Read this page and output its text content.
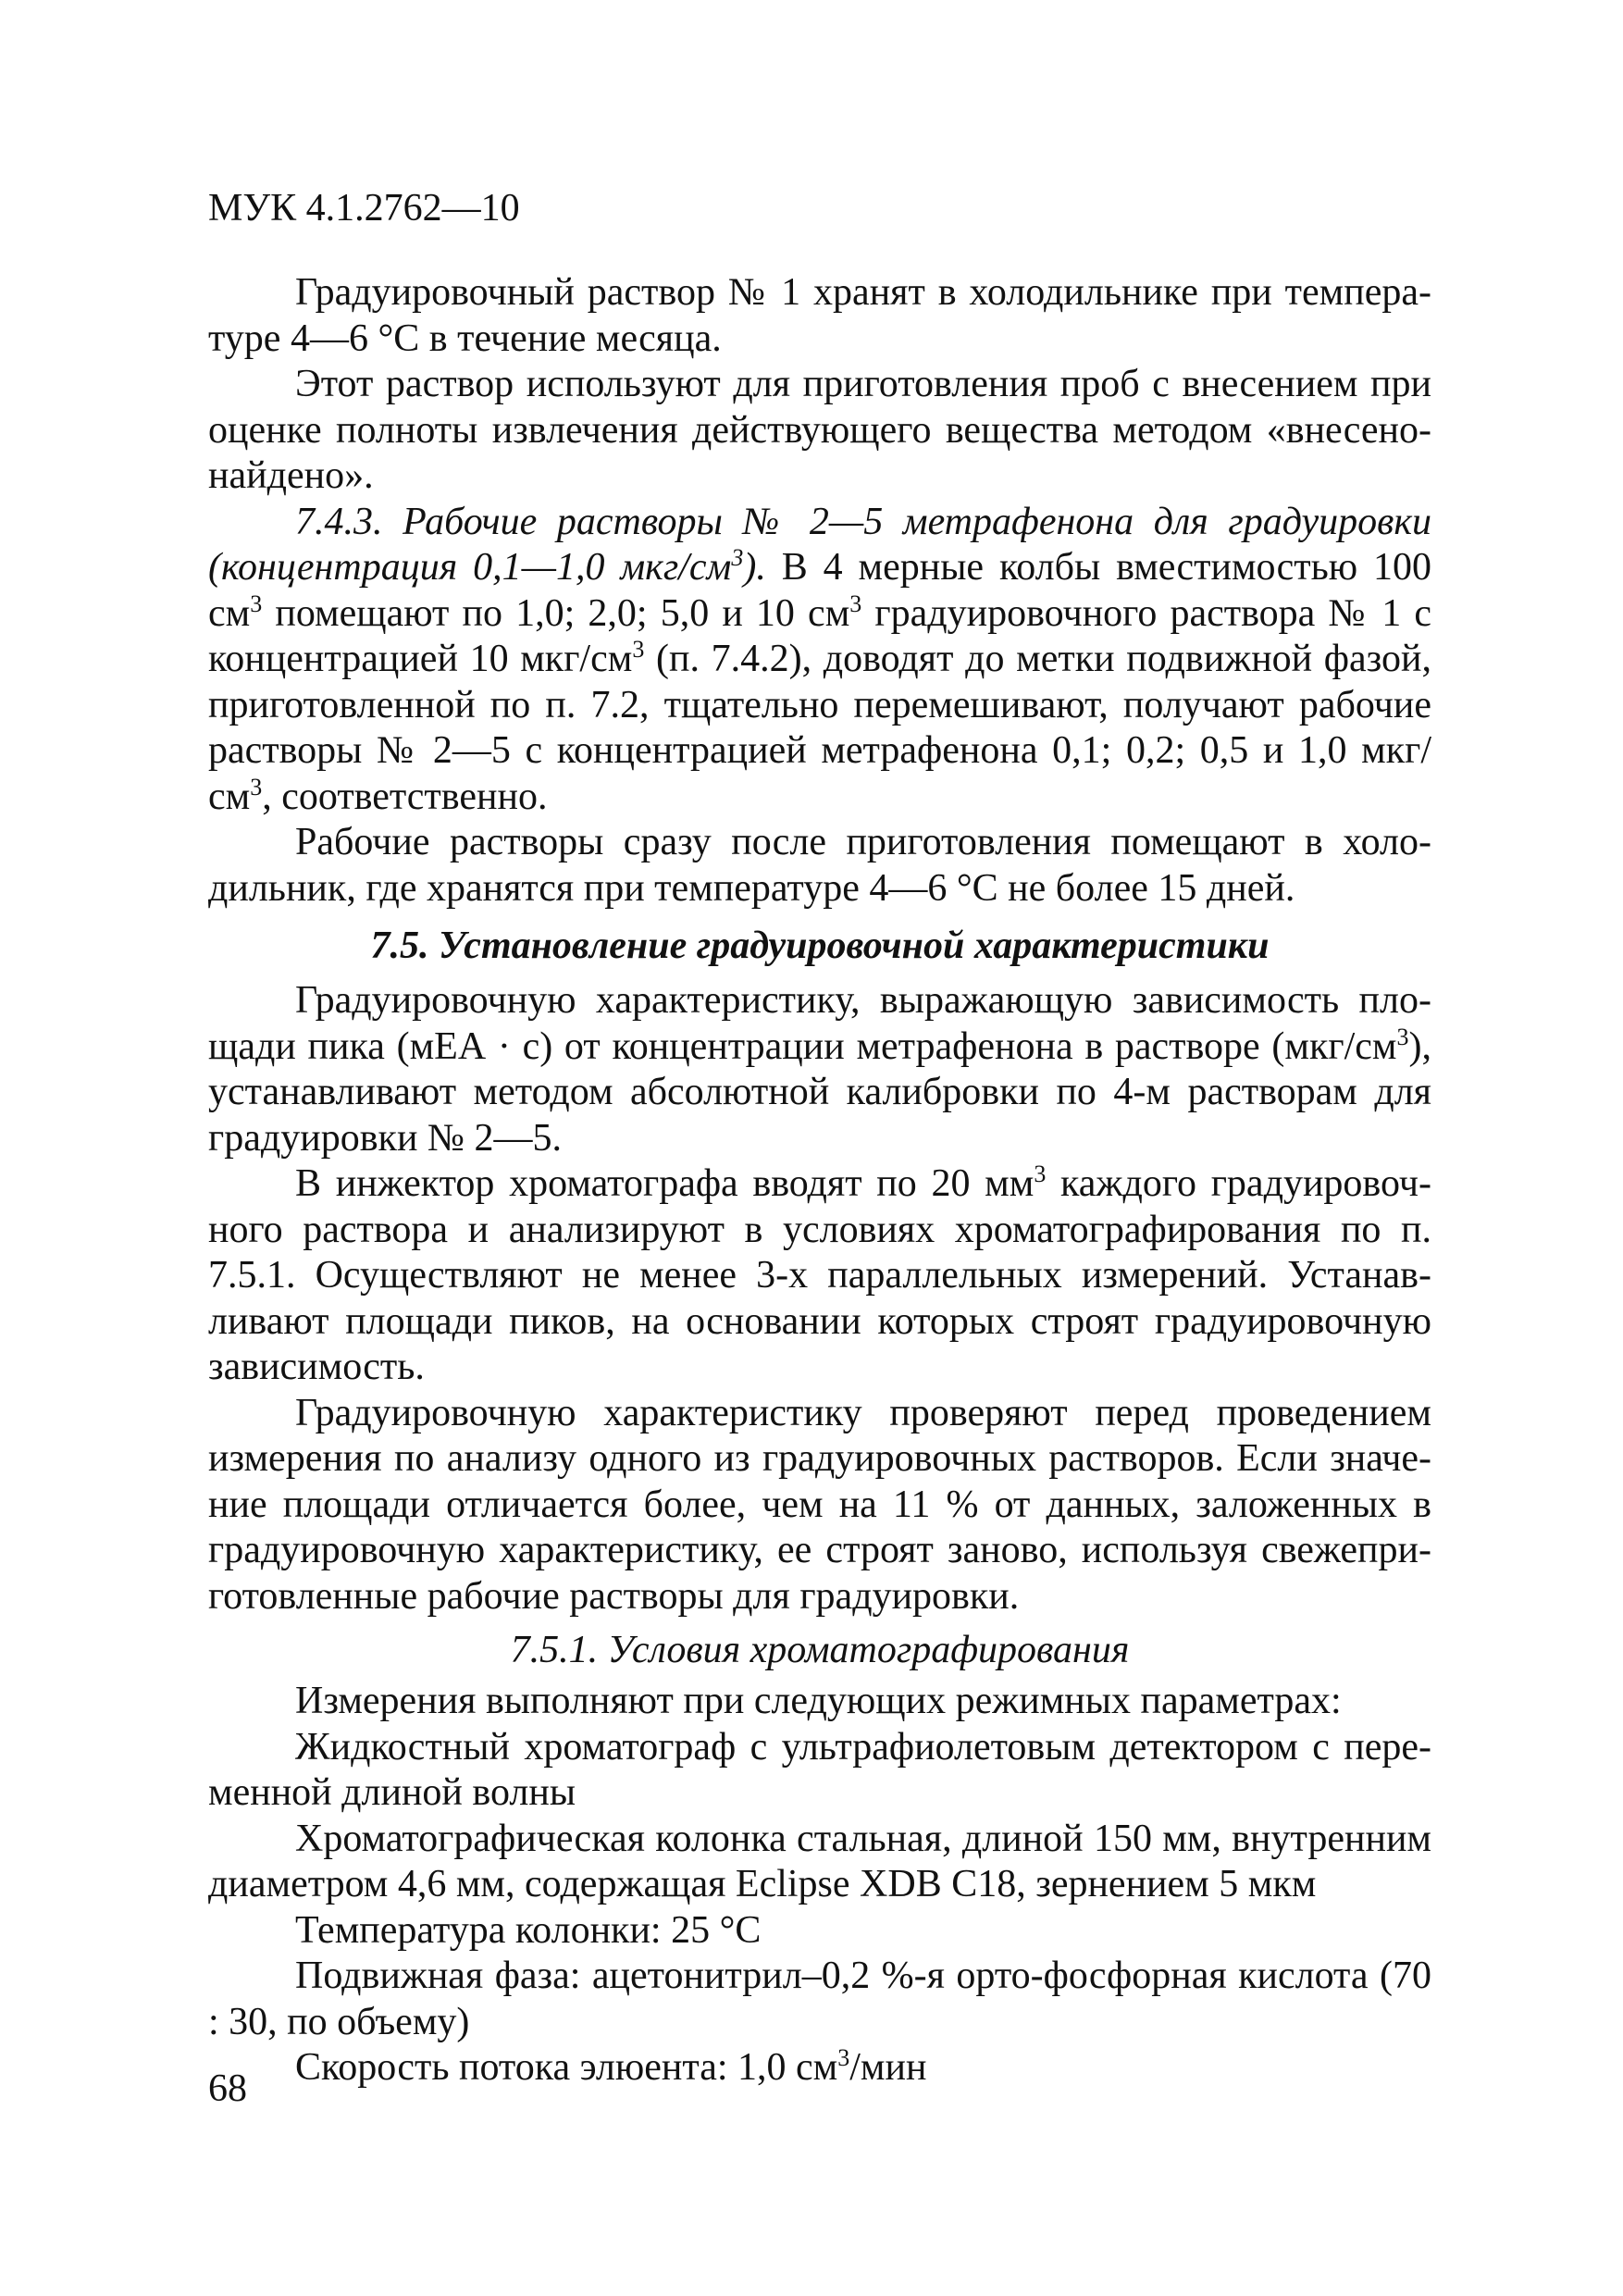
МУК 4.1.2762—10

Градуировочный раствор № 1 хранят в холодильнике при температуре 4—6 °С в течение месяца.

Этот раствор используют для приготовления проб с внесением при оценке полноты извлечения действующего вещества методом «внесено-найдено».

7.4.3. Рабочие растворы № 2—5 метрафенона для градуировки (концентрация 0,1—1,0 мкг/$см^3$). В 4 мерные колбы вместимостью 100 $см^3$ помещают по 1,0; 2,0; 5,0 и 10 $см^3$ градуировочного раствора № 1 с концентрацией 10 мкг/$см^3$ (п. 7.4.2), доводят до метки подвижной фазой, приготовленной по п. 7.2, тщательно перемешивают, получают рабочие растворы № 2—5 с концентрацией метрафенона 0,1; 0,2; 0,5 и 1,0 мкг/$см^3$, соответственно.

Рабочие растворы сразу после приготовления помещают в холодильник, где хранятся при температуре 4—6 °С не более 15 дней.

7.5. Установление градуировочной характеристики

Градуировочную характеристику, выражающую зависимость площади пика (мЕА · с) от концентрации метрафенона в растворе $(мкг/см^3)$, устанавливают методом абсолютной калибровки по 4-м растворам для градуировки № 2—5.

В инжектор хроматографа вводят по 20 $мм^3$ каждого градуировочного раствора и анализируют в условиях хроматографирования по п. 7.5.1. Осуществляют не менее 3-х параллельных измерений. Устанавливают площади пиков, на основании которых строят градуировочную зависимость.

Градуировочную характеристику проверяют перед проведением измерения по анализу одного из градуировочных растворов. Если значение площади отличается более, чем на 11 % от данных, заложенных в градуировочную характеристику, ее строят заново, используя свежеприготовленные рабочие растворы для градуировки.

7.5.1. Условия хроматографирования

Измерения выполняют при следующих режимных параметрах:

Жидкостный хроматограф с ультрафиолетовым детектором с переменной длиной волны

Хроматографическая колонка стальная, длиной 150 мм, внутренним диаметром 4,6 мм, содержащая Eclipse XDB C18, зернением 5 мкм

Температура колонки: 25 °С

Подвижная фаза: ацетонитрил–0,2 %-я орто-фосфорная кислота (70 : 30, по объему)

Скорость потока элюента: 1,0 $см^3$/мин

68
